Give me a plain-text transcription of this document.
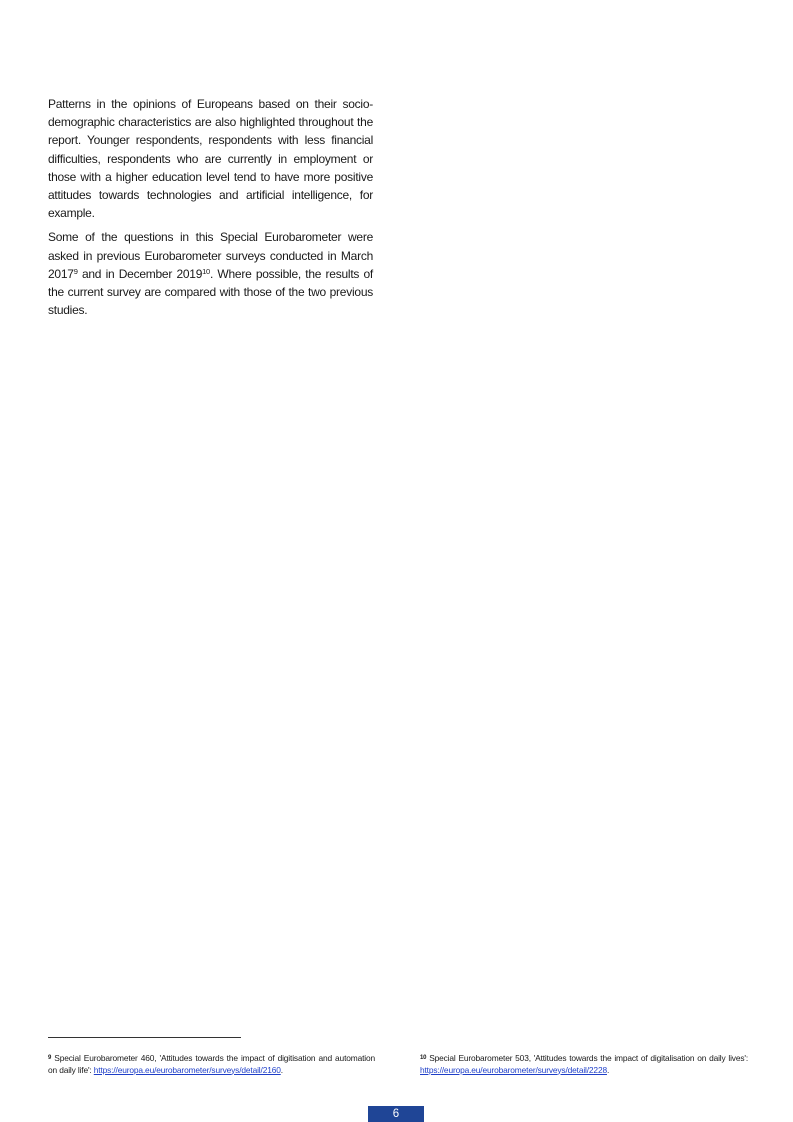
Patterns in the opinions of Europeans based on their socio-demographic characteristics are also highlighted throughout the report. Younger respondents, respondents with less financial difficulties, respondents who are currently in employment or those with a higher education level tend to have more positive attitudes towards technologies and artificial intelligence, for example.

Some of the questions in this Special Eurobarometer were asked in previous Eurobarometer surveys conducted in March 2017$^9$ and in December 2019$^{10}$. Where possible, the results of the current survey are compared with those of the two previous studies.

$^9$ Special Eurobarometer 460, 'Attitudes towards the impact of digitisation and automation on daily life': https://europa.eu/eurobarometer/surveys/detail/2160.
$^{10}$ Special Eurobarometer 503, 'Attitudes towards the impact of digitalisation on daily lives': https://europa.eu/eurobarometer/surveys/detail/2228.
6
